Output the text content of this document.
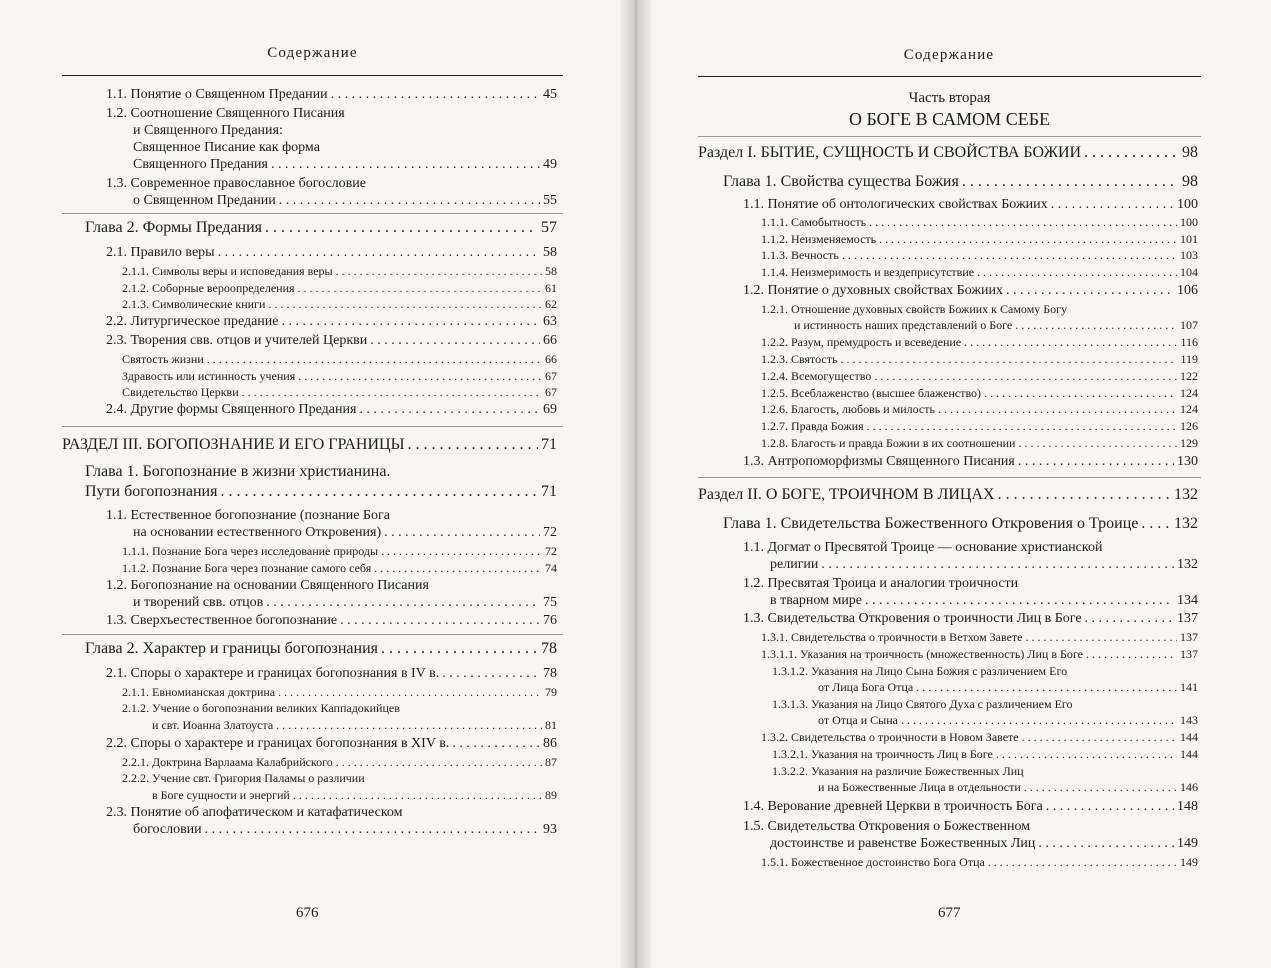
Содержание
1.1. Понятие о Священном Предании . . .	45
1.2. Соотношение Священного Писания
и Священного Предания:
Священное Писание как форма
Священного Предания . . .	49
1.3. Современное православное богословие
о Священном Предании . . .	55
Глава 2. Формы Предания . . .	57
2.1. Правило веры . . .	58
2.1.1. Символы веры и исповедания веры . . .	58
2.1.2. Соборные вероопределения . . .	61
2.1.3. Символические книги . . .	62
2.2. Литургическое предание . . .	63
2.3. Творения свв. отцов и учителей Церкви . . .	66
Святость жизни . . .	66
Здравость или истинность учения . . .	67
Свидетельство Церкви . . .	67
2.4. Другие формы Священного Предания . . .	69
РАЗДЕЛ III. БОГОПОЗНАНИЕ И ЕГО ГРАНИЦЫ . . .	71
Глава 1. Богопознание в жизни христианина.
Пути богопознания . . .	71
1.1. Естественное богопознание (познание Бога
на основании естественного Откровения) . . .	72
1.1.1. Познание Бога через исследование природы . . .	72
1.1.2. Познание Бога через познание самого себя . . .	74
1.2. Богопознание на основании Священного Писания
и творений свв. отцов . . .	75
1.3. Сверхъестественное богопознание . . .	76
Глава 2. Характер и границы богопознания . . .	78
2.1. Споры о характере и границах богопознания в IV в. . . .	78
2.1.1. Евномианская доктрина . . .	79
2.1.2. Учение о богопознании великих Каппадокийцев
и свт. Иоанна Златоуста . . .	81
2.2. Споры о характере и границах богопознания в XIV в. . . .	86
2.2.1. Доктрина Варлаама Калабрийского . . .	87
2.2.2. Учение свт. Григория Паламы о различии
в Боге сущности и энергий . . .	89
2.3. Понятие об апофатическом и катафатическом
богословии . . .	93
676
Содержание
Часть вторая
О БОГЕ В САМОМ СЕБЕ
Раздел I. БЫТИЕ, СУЩНОСТЬ И СВОЙСТВА БОЖИИ . . .	98
Глава 1. Свойства существа Божия . . .	98
1.1. Понятие об онтологических свойствах Божиих . . .	100
1.1.1. Самобытность . . .	100
1.1.2. Неизменяемость . . .	101
1.1.3. Вечность . . .	103
1.1.4. Неизмеримость и вездеприсутствие . . .	104
1.2. Понятие о духовных свойствах Божиих . . .	106
1.2.1. Отношение духовных свойств Божиих к Самому Богу
и истинность наших представлений о Боге . . .	107
1.2.2. Разум, премудрость и всеведение . . .	116
1.2.3. Святость . . .	119
1.2.4. Всемогущество . . .	122
1.2.5. Всеблаженство (высшее блаженство) . . .	124
1.2.6. Благость, любовь и милость . . .	124
1.2.7. Правда Божия . . .	126
1.2.8. Благость и правда Божии в их соотношении . . .	129
1.3. Антропоморфизмы Священного Писания . . .	130
Раздел II. О БОГЕ, ТРОИЧНОМ В ЛИЦАХ . . .	132
Глава 1. Свидетельства Божественного Откровения о Троице . . . 132
1.1. Догмат о Пресвятой Троице — основание христианской
религии . . .	132
1.2. Пресвятая Троица и аналогии троичности
в тварном мире . . .	134
1.3. Свидетельства Откровения о троичности Лиц в Боге . . .	137
1.3.1. Свидетельства о троичности в Ветхом Завете . . .	137
1.3.1.1. Указания на троичность (множественность) Лиц в Боге . . .	137
1.3.1.2. Указания на Лицо Сына Божия с различением Его
от Лица Бога Отца . . .	141
1.3.1.3. Указания на Лицо Святого Духа с различением Его
от Отца и Сына . . .	143
1.3.2. Свидетельства о троичности в Новом Завете . . .	144
1.3.2.1. Указания на троичность Лиц в Боге . . .	144
1.3.2.2. Указания на различие Божественных Лиц
и на Божественные Лица в отдельности . . .	146
1.4. Верование древней Церкви в троичность Бога . . .	148
1.5. Свидетельства Откровения о Божественном
достоинстве и равенстве Божественных Лиц . . .	149
1.5.1. Божественное достоинство Бога Отца . . .	149
677
